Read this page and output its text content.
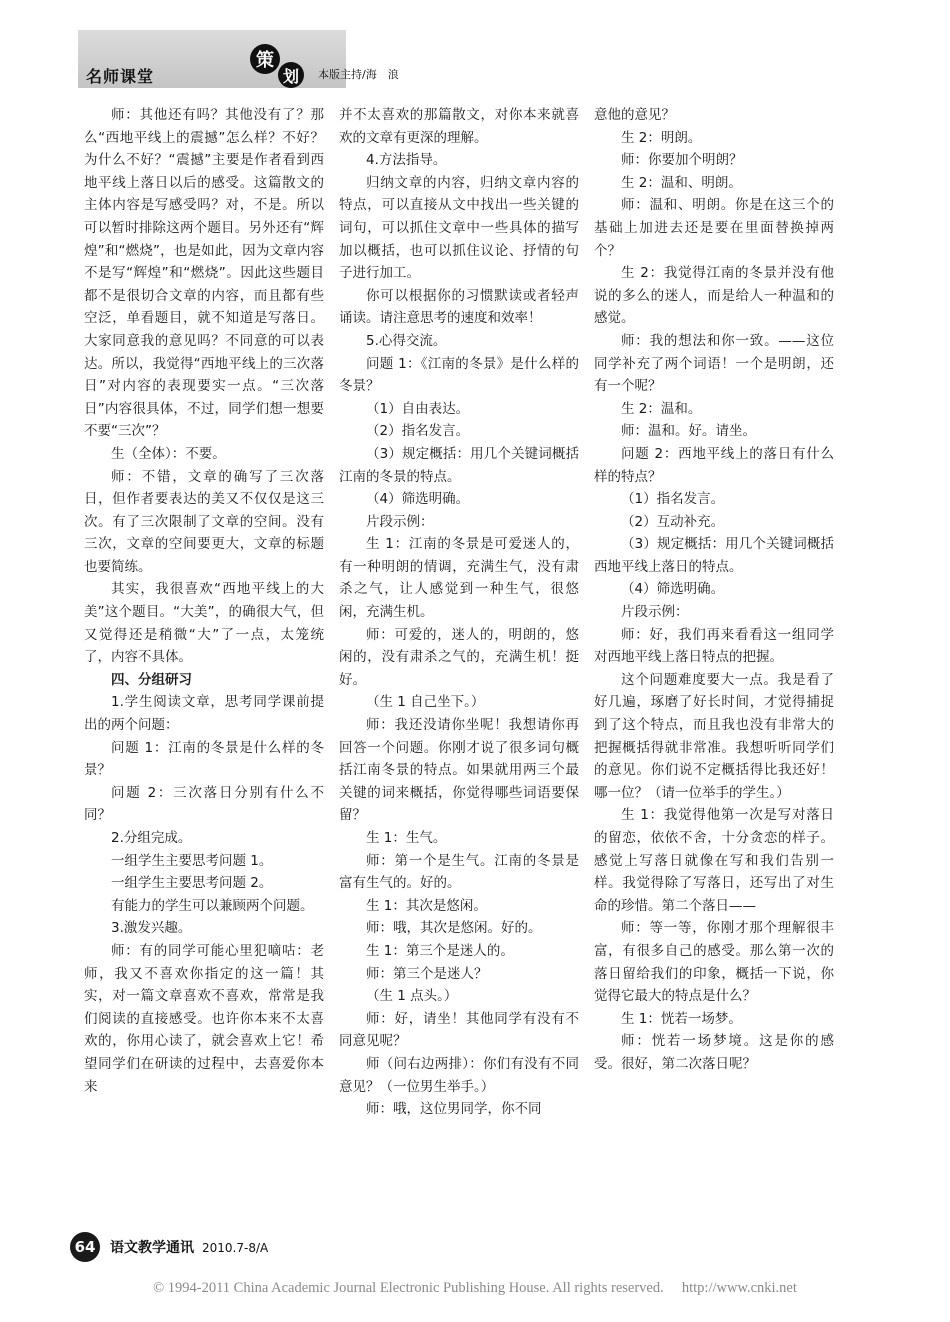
名师课堂
策
划	本版主持/海　浪

师：其他还有吗？其他没有了？那么“西地平线上的震撼”怎么样？不好？为什么不好？“震撼”主要是作者看到西地平线上落日以后的感受。这篇散文的主体内容是写感受吗？对，不是。所以可以暂时排除这两个题目。另外还有“辉煌”和“燃烧”，也是如此，因为文章内容不是写“辉煌”和“燃烧”。因此这些题目都不是很切合文章的内容，而且都有些空泛，单看题目，就不知道是写落日。大家同意我的意见吗？不同意的可以表达。所以，我觉得“西地平线上的三次落日”对内容的表现要实一点。“三次落日”内容很具体，不过，同学们想一想要不要“三次”？

生（全体）：不要。

师：不错，文章的确写了三次落日，但作者要表达的美又不仅仅是这三次。有了三次限制了文章的空间。没有三次，文章的空间要更大，文章的标题也要简练。

其实，我很喜欢“西地平线上的大美”这个题目。“大美”，的确很大气，但又觉得还是稍微“大”了一点，太笼统了，内容不具体。

四、分组研习

1.学生阅读文章，思考同学课前提出的两个问题：

问题 1：江南的冬景是什么样的冬景？

问题 2：三次落日分别有什么不同？

2.分组完成。

一组学生主要思考问题 1。

一组学生主要思考问题 2。

有能力的学生可以兼顾两个问题。

3.激发兴趣。

师：有的同学可能心里犯嘀咕：老师，我又不喜欢你指定的这一篇！其实，对一篇文章喜欢不喜欢，常常是我们阅读的直接感受。也许你本来不太喜欢的，你用心读了，就会喜欢上它！希望同学们在研读的过程中，去喜爱你本来

并不太喜欢的那篇散文，对你本来就喜欢的文章有更深的理解。

4.方法指导。

归纳文章的内容，归纳文章内容的特点，可以直接从文中找出一些关键的词句，可以抓住文章中一些具体的描写加以概括，也可以抓住议论、抒情的句子进行加工。

你可以根据你的习惯默读或者轻声诵读。请注意思考的速度和效率！

5.心得交流。

问题 1：《江南的冬景》是什么样的冬景？

（1）自由表达。

（2）指名发言。

（3）规定概括：用几个关键词概括江南的冬景的特点。

（4）筛选明确。

片段示例：

生 1：江南的冬景是可爱迷人的，有一种明朗的情调，充满生气，没有肃杀之气，让人感觉到一种生气，很悠闲，充满生机。

师：可爱的，迷人的，明朗的，悠闲的，没有肃杀之气的，充满生机！挺好。

（生 1 自己坐下。）

师：我还没请你坐呢！我想请你再回答一个问题。你刚才说了很多词句概括江南冬景的特点。如果就用两三个最关键的词来概括，你觉得哪些词语要保留？

生 1：生气。

师：第一个是生气。江南的冬景是富有生气的。好的。

生 1：其次是悠闲。

师：哦，其次是悠闲。好的。

生 1：第三个是迷人的。

师：第三个是迷人？

（生 1 点头。）

师：好，请坐！其他同学有没有不同意见呢？

师（问右边两排）：你们有没有不同意见？（一位男生举手。）

师：哦，这位男同学，你不同

意他的意见？

生 2：明朗。

师：你要加个明朗？

生 2：温和、明朗。

师：温和、明朗。你是在这三个的基础上加进去还是要在里面替换掉两个？

生 2：我觉得江南的冬景并没有他说的多么的迷人，而是给人一种温和的感觉。

师：我的想法和你一致。——这位同学补充了两个词语！一个是明朗，还有一个呢？

生 2：温和。

师：温和。好。请坐。

问题 2：西地平线上的落日有什么样的特点？

（1）指名发言。

（2）互动补充。

（3）规定概括：用几个关键词概括西地平线上落日的特点。

（4）筛选明确。

片段示例：

师：好，我们再来看看这一组同学对西地平线上落日特点的把握。

这个问题难度要大一点。我是看了好几遍，琢磨了好长时间，才觉得捕捉到了这个特点，而且我也没有非常大的把握概括得就非常准。我想听听同学们的意见。你们说不定概括得比我还好！哪一位？（请一位举手的学生。）

生 1：我觉得他第一次是写对落日的留恋，依依不舍，十分贪恋的样子。感觉上写落日就像在写和我们告别一样。我觉得除了写落日，还写出了对生命的珍惜。第二个落日——

师：等一等，你刚才那个理解很丰富，有很多自己的感受。那么第一次的落日留给我们的印象，概括一下说，你觉得它最大的特点是什么？

生 1：恍若一场梦。

师：恍若一场梦境。这是你的感受。很好，第二次落日呢？

64	语文教学通讯 2010.7-8/A
© 1994-2011 China Academic Journal Electronic Publishing House. All rights reserved.　 http://www.cnki.net
